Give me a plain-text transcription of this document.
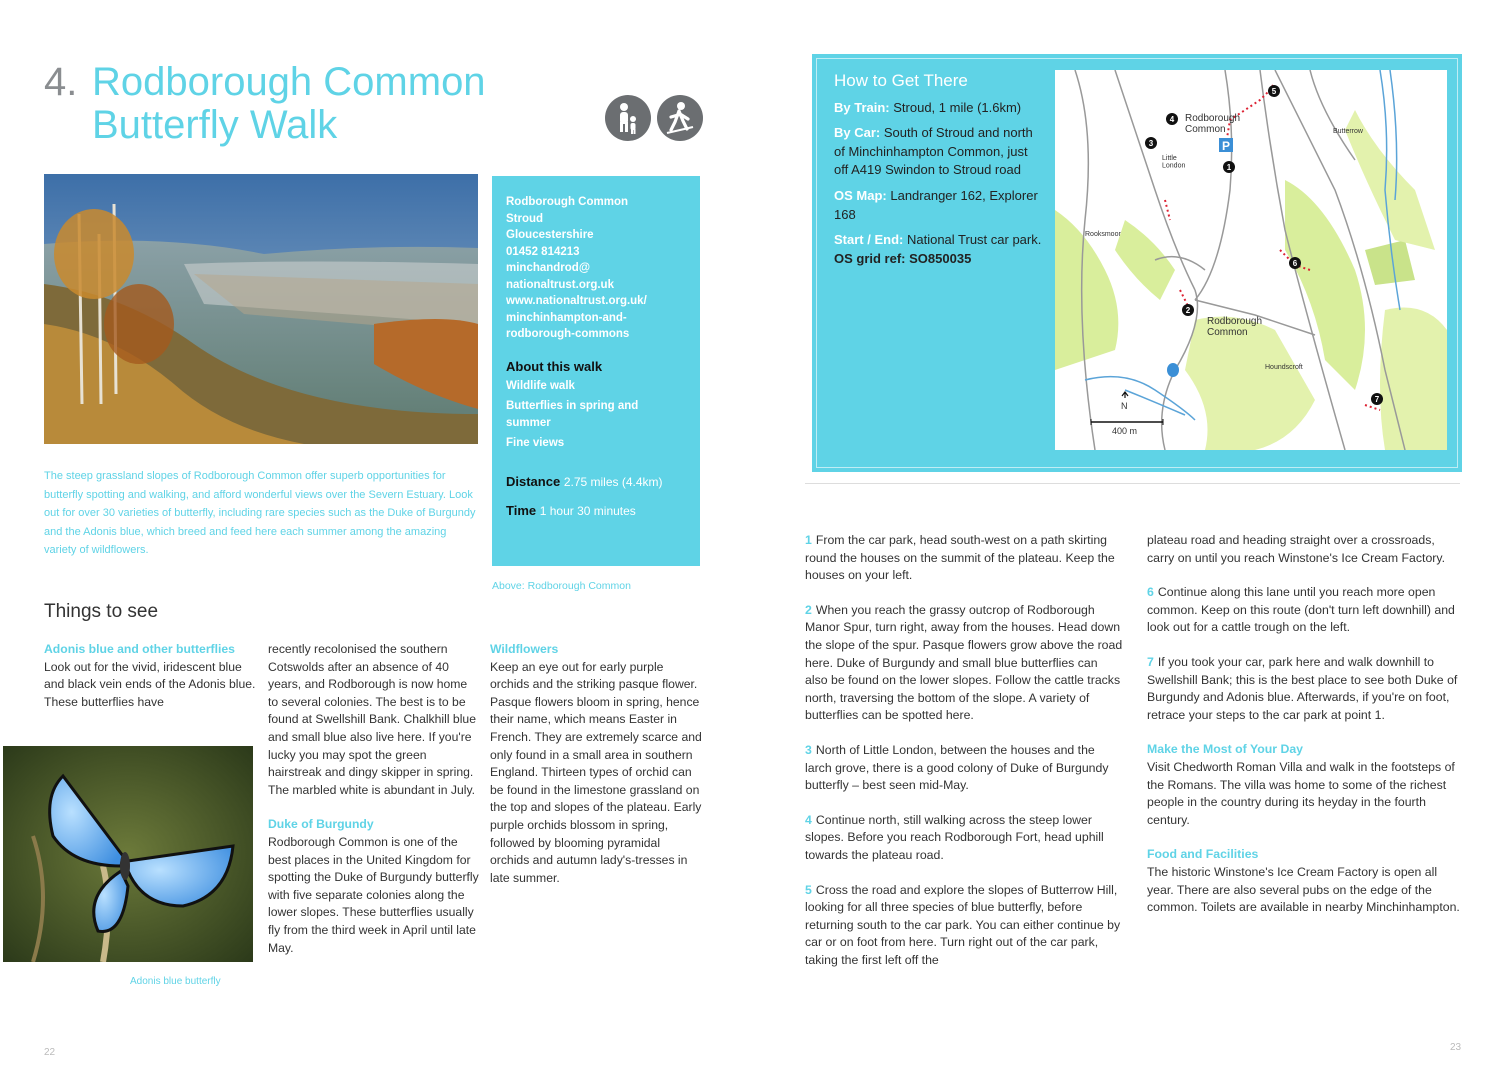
4. Rodborough Common
Butterfly Walk
Rodborough Common
Stroud
Gloucestershire
01452 814213
minchandrod@
nationaltrust.org.uk
www.nationaltrust.org.uk/
minchinhampton-and-
rodborough-commons
About this walk
Wildlife walk
Butterflies in spring and summer
Fine views
Distance 2.75 miles (4.4km)
Time 1 hour 30 minutes
Above: Rodborough Common
The steep grassland slopes of Rodborough Common offer superb opportunities for butterfly spotting and walking, and afford wonderful views over the Severn Estuary. Look out for over 30 varieties of butterfly, including rare species such as the Duke of Burgundy and the Adonis blue, which breed and feed here each summer among the amazing variety of wildflowers.
Things to see
Adonis blue and other butterflies
Look out for the vivid, iridescent blue and black vein ends of the Adonis blue. These butterflies have
Adonis blue butterfly
recently recolonised the southern Cotswolds after an absence of 40 years, and Rodborough is now home to several colonies. The best is to be found at Swellshill Bank. Chalkhill blue and small blue also live here. If you're lucky you may spot the green hairstreak and dingy skipper in spring. The marbled white is abundant in July.
Duke of Burgundy
Rodborough Common is one of the best places in the United Kingdom for spotting the Duke of Burgundy butterfly with five separate colonies along the lower slopes. These butterflies usually fly from the third week in April until late May.
Wildflowers
Keep an eye out for early purple orchids and the striking pasque flower. Pasque flowers bloom in spring, hence their name, which means Easter in French. They are extremely scarce and only found in a small area in southern England. Thirteen types of orchid can be found in the limestone grassland on the top and slopes of the plateau. Early purple orchids blossom in spring, followed by blooming pyramidal orchids and autumn lady's-tresses in late summer.
22
How to Get There

By Train: Stroud, 1 mile (1.6km)

By Car: South of Stroud and north of Minchinhampton Common, just off A419 Swindon to Stroud road

OS Map: Landranger 162, Explorer 168

Start / End: National Trust car park. OS grid ref: SO850035

P
1
2
3
4
5
6
7
Rodborough Common
Little London
Butterrow
Rooksmoor
Rodborough Common
Houndscroft
N
400 m

1 From the car park, head south-west on a path skirting round the houses on the summit of the plateau. Keep the houses on your left.

2 When you reach the grassy outcrop of Rodborough Manor Spur, turn right, away from the houses. Head down the slope of the spur. Pasque flowers grow above the road here. Duke of Burgundy and small blue butterflies can also be found on the lower slopes. Follow the cattle tracks north, traversing the bottom of the slope. A variety of butterflies can be spotted here.

3 North of Little London, between the houses and the larch grove, there is a good colony of Duke of Burgundy butterfly – best seen mid-May.

4 Continue north, still walking across the steep lower slopes. Before you reach Rodborough Fort, head uphill towards the plateau road.

5 Cross the road and explore the slopes of Butterrow Hill, looking for all three species of blue butterfly, before returning south to the car park. You can either continue by car or on foot from here. Turn right out of the car park, taking the first left off the

plateau road and heading straight over a crossroads, carry on until you reach Winstone's Ice Cream Factory.

6 Continue along this lane until you reach more open common. Keep on this route (don't turn left downhill) and look out for a cattle trough on the left.

7 If you took your car, park here and walk downhill to Swellshill Bank; this is the best place to see both Duke of Burgundy and Adonis blue. Afterwards, if you're on foot, retrace your steps to the car park at point 1.

Make the Most of Your Day

Visit Chedworth Roman Villa and walk in the footsteps of the Romans. The villa was home to some of the richest people in the country during its heyday in the fourth century.

Food and Facilities

The historic Winstone's Ice Cream Factory is open all year. There are also several pubs on the edge of the common. Toilets are available in nearby Minchinhampton.

23
